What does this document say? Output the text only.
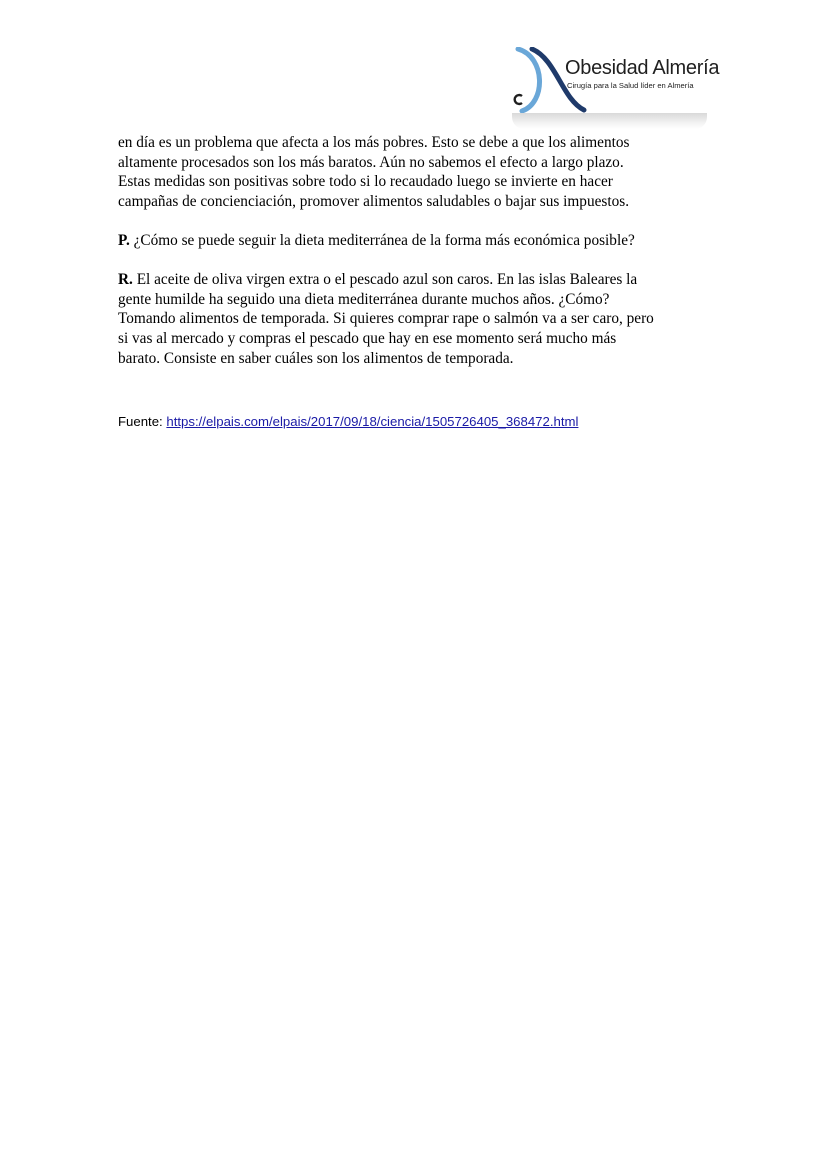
Obesidad Almería
Cirugía para la Salud líder en Almería

en día es un problema que afecta a los más pobres. Esto se debe a que los alimentos
altamente procesados son los más baratos. Aún no sabemos el efecto a largo plazo.
Estas medidas son positivas sobre todo si lo recaudado luego se invierte en hacer
campañas de concienciación, promover alimentos saludables o bajar sus impuestos.

P. ¿Cómo se puede seguir la dieta mediterránea de la forma más económica posible?

R. El aceite de oliva virgen extra o el pescado azul son caros. En las islas Baleares la
gente humilde ha seguido una dieta mediterránea durante muchos años. ¿Cómo?
Tomando alimentos de temporada. Si quieres comprar rape o salmón va a ser caro, pero
si vas al mercado y compras el pescado que hay en ese momento será mucho más
barato. Consiste en saber cuáles son los alimentos de temporada.

Fuente: https://elpais.com/elpais/2017/09/18/ciencia/1505726405_368472.html
